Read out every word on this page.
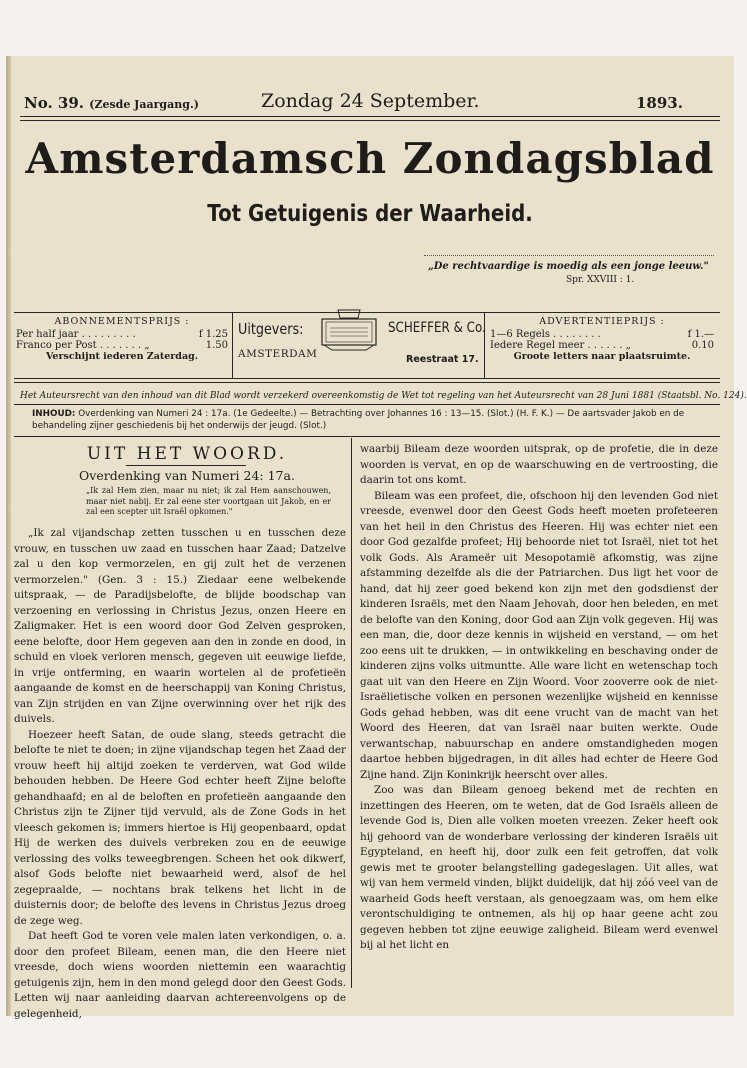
No. 39. (Zesde Jaargang.)	Zondag 24 September.	1893.
Amsterdamsch Zondagsblad
Tot Getuigenis der Waarheid.
„De rechtvaardige is moedig als een jonge leeuw."
Spr. XXVIII : 1.
ABONNEMENTSPRIJS :
Per half jaar . . . . . . . . .	f 1.25
Franco per Post . . . . . . . „	1.50
Verschijnt iederen Zaterdag.
Uitgevers:
AMSTERDAM
SCHEFFER & Co.
Reestraat 17.
ADVERTENTIEPRIJS :
1—6 Regels . . . . . . . .	f 1.—
Iedere Regel meer . . . . . . „	0.10
Groote letters naar plaatsruimte.
Het Auteursrecht van den inhoud van dit Blad wordt verzekerd overeenkomstig de Wet tot regeling van het Auteursrecht van 28 Juni 1881 (Staatsbl. No. 124).
INHOUD: Overdenking van Numeri 24 : 17a. (1e Gedeelte.) — Betrachting over Johannes 16 : 13—15. (Slot.) (H. F. K.) — De aartsvader Jakob en de behandeling zijner geschiedenis bij het onderwijs der jeugd. (Slot.)
UIT HET WOORD.
Overdenking van Numeri 24: 17a.
„Ik zal Hem zien, maar nu niet; ik zal Hem aanschouwen, maar niet nabij. Er zal eene ster voortgaan uit Jakob, en er zal een scepter uit Israël opkomen."

„Ik zal vijandschap zetten tusschen u en tusschen deze vrouw, en tusschen uw zaad en tusschen haar Zaad; Datzelve zal u den kop vermorzelen, en gij zult het de verzenen vermorzelen." (Gen. 3 : 15.) Ziedaar eene welbekende uitspraak, — de Paradijsbelofte, de blijde boodschap van verzoening en verlossing in Christus Jezus, onzen Heere en Zaligmaker. Het is een woord door God Zelven gesproken, eene belofte, door Hem gegeven aan den in zonde en dood, in schuld en vloek verloren mensch, gegeven uit eeuwige liefde, in vrije ontferming, en waarin wortelen al de profetieën aangaande de komst en de heerschappij van Koning Christus, van Zijn strijden en van Zijne overwinning over het rijk des duivels.

Hoezeer heeft Satan, de oude slang, steeds getracht die belofte te niet te doen; in zijne vijandschap tegen het Zaad der vrouw heeft hij altijd zoeken te verderven, wat God wilde behouden hebben. De Heere God echter heeft Zijne belofte gehandhaafd; en al de beloften en profetieën aangaande den Christus zijn te Zijner tijd vervuld, als de Zone Gods in het vleesch gekomen is; immers hiertoe is Hij geopenbaard, opdat Hij de werken des duivels verbreken zou en de eeuwige verlossing des volks teweegbrengen. Scheen het ook dikwerf, alsof Gods belofte niet bewaarheid werd, alsof de hel zegepraalde, — nochtans brak telkens het licht in de duisternis door; de belofte des levens in Christus Jezus droeg de zege weg.

Dat heeft God te voren vele malen laten verkondigen, o. a. door den profeet Bileam, eenen man, die den Heere niet vreesde, doch wiens woorden niettemin een waarachtig getuigenis zijn, hem in den mond gelegd door den Geest Gods. Letten wij naar aanleiding daarvan achtereenvolgens op de gelegenheid,

waarbij Bileam deze woorden uitsprak, op de profetie, die in deze woorden is vervat, en op de waarschuwing en de vertroosting, die daarin tot ons komt.

Bileam was een profeet, die, ofschoon hij den levenden God niet vreesde, evenwel door den Geest Gods heeft moeten profeteeren van het heil in den Christus des Heeren. Hij was echter niet een door God gezalfde profeet; Hij behoorde niet tot Israël, niet tot het volk Gods. Als Arameër uit Mesopotamië afkomstig, was zijne afstamming dezelfde als die der Patriarchen. Dus ligt het voor de hand, dat hij zeer goed bekend kon zijn met den godsdienst der kinderen Israëls, met den Naam Jehovah, door hen beleden, en met de belofte van den Koning, door God aan Zijn volk gegeven. Hij was een man, die, door deze kennis in wijsheid en verstand, — om het zoo eens uit te drukken, — in ontwikkeling en beschaving onder de kinderen zijns volks uitmuntte. Alle ware licht en wetenschap toch gaat uit van den Heere en Zijn Woord. Voor zooverre ook de niet-Israëlietische volken en personen wezenlijke wijsheid en kennisse Gods gehad hebben, was dit eene vrucht van de macht van het Woord des Heeren, dat van Israël naar buiten werkte. Oude verwantschap, nabuurschap en andere omstandigheden mogen daartoe hebben bijgedragen, in dit alles had echter de Heere God Zijne hand. Zijn Koninkrijk heerscht over alles.

Zoo was dan Bileam genoeg bekend met de rechten en inzettingen des Heeren, om te weten, dat de God Israëls alleen de levende God is, Dien alle volken moeten vreezen. Zeker heeft ook hij gehoord van de wonderbare verlossing der kinderen Israëls uit Egypteland, en heeft hij, door zulk een feit getroffen, dat volk gewis met te grooter belangstelling gadegeslagen. Uit alles, wat wij van hem vermeld vinden, blijkt duidelijk, dat hij zóó veel van de waarheid Gods heeft verstaan, als genoegzaam was, om hem elke verontschuldiging te ontnemen, als hij op haar geene acht zou gegeven hebben tot zijne eeuwige zaligheid. Bileam werd evenwel bij al het licht en
